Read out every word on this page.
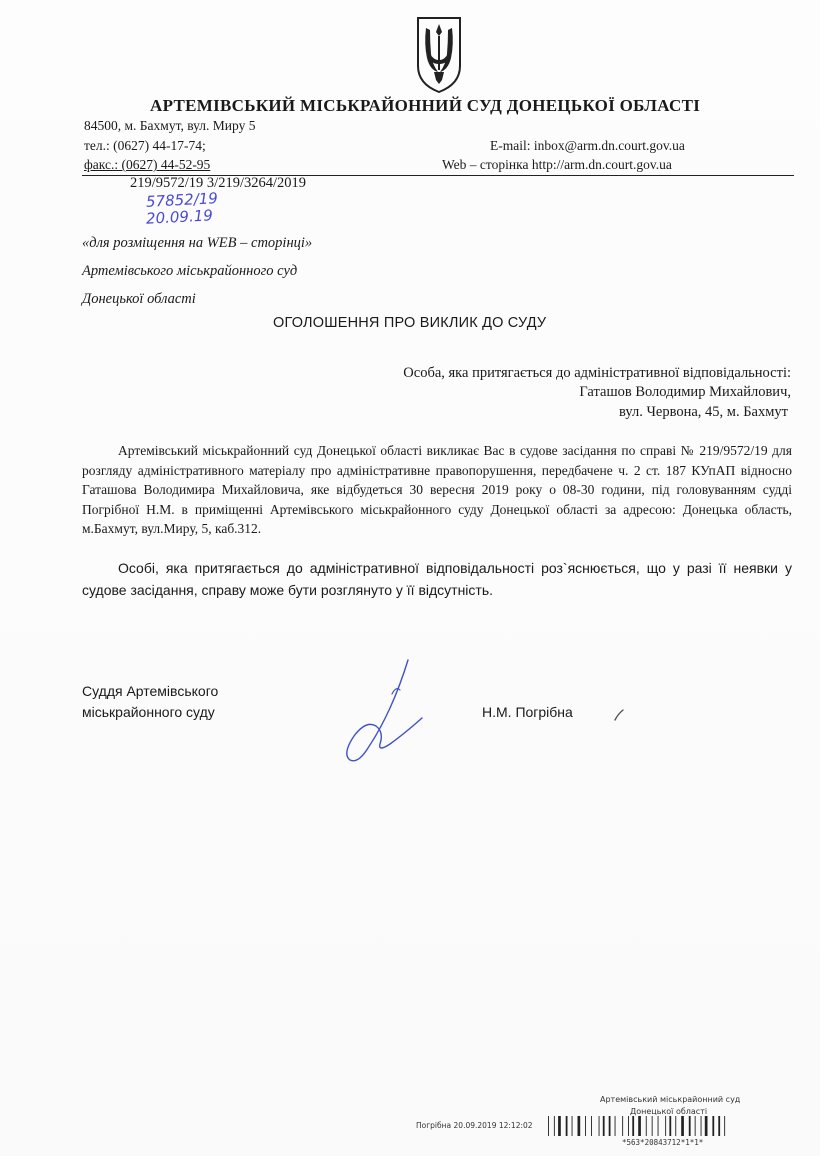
АРТЕМІВСЬКИЙ МІСЬКРАЙОННИЙ СУД ДОНЕЦЬКОЇ ОБЛАСТІ
84500, м. Бахмут, вул. Миру 5
тел.: (0627) 44-17-74;
факс.: (0627) 44-52-95
E-mail: inbox@arm.dn.court.gov.ua
Web – сторінка http://arm.dn.court.gov.ua
219/9572/19 3/219/3264/2019
57852/19
20.09.19
«для розміщення на WEB – сторінці»
Артемівського міськрайонного суд
Донецької області
ОГОЛОШЕННЯ ПРО ВИКЛИК ДО СУДУ
Особа, яка притягається до адміністративної відповідальності:
Гаташов Володимир Михайлович,
вул. Червона, 45, м. Бахмут
Артемівський міськрайонний суд Донецької області викликає Вас в судове засідання по справі № 219/9572/19 для розгляду адміністративного матеріалу про адміністративне правопорушення, передбачене ч. 2 ст. 187 КУпАП відносно Гаташова Володимира Михайловича, яке відбудеться 30 вересня 2019 року о 08-30 години, під головуванням судді Погрібної Н.М. в приміщенні Артемівського міськрайонного суду Донецької області за адресою: Донецька область, м.Бахмут, вул.Миру, 5, каб.312.
Особі, яка притягається до адміністративної відповідальності роз`яснюється, що у разі її неявки у судове засідання, справу може бути розглянуто у її відсутність.
Суддя Артемівського
міськрайонного суду	Н.М. Погрібна
Артемівський міськрайонний суд
Донецької області
Погрібна 20.09.2019 12:12:02
*563*20843712*1*1*
